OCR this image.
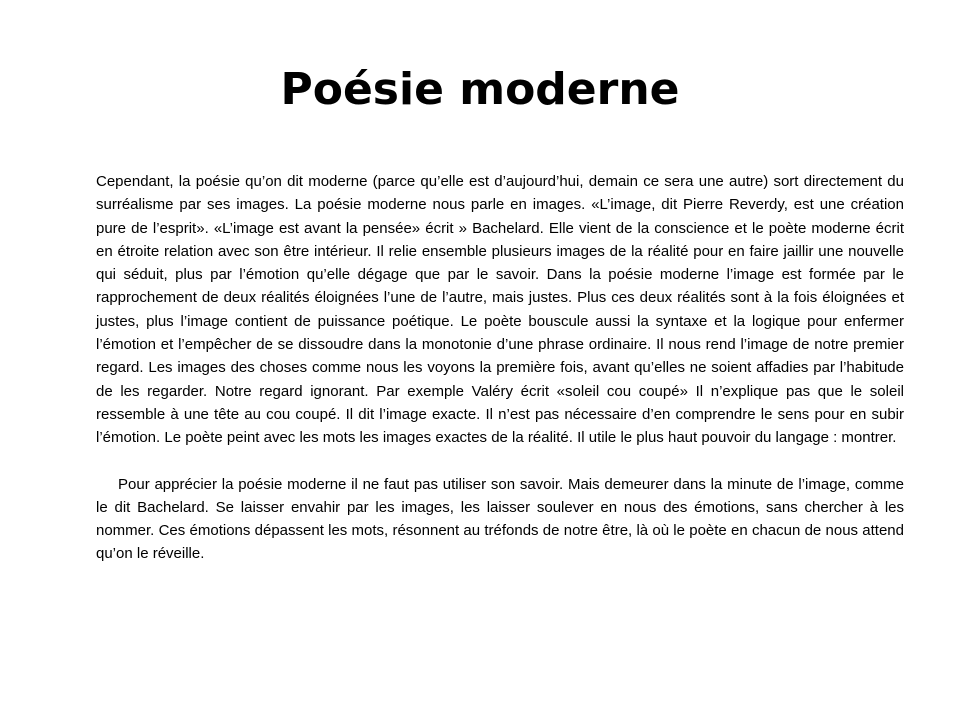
Poésie moderne

Cependant, la poésie qu’on dit moderne (parce qu’elle est d’aujourd’hui, demain ce sera une autre) sort directement du surréalisme par ses images. La poésie moderne nous parle en images. «L’image, dit Pierre Reverdy, est une création pure de l’esprit». «L’image est avant la pensée» écrit » Bachelard. Elle vient de la conscience et le poète moderne écrit en étroite relation avec son être intérieur. Il relie ensemble plusieurs images de la réalité pour en faire jaillir une nouvelle qui séduit, plus par l’émotion qu’elle dégage que par le savoir. Dans la poésie moderne l’image est formée par le rapprochement de deux réalités éloignées l’une de l’autre, mais justes. Plus ces deux réalités sont à la fois éloignées et justes, plus l’image contient de puissance poétique. Le poète bouscule aussi la syntaxe et la logique pour enfermer l’émotion et l’empêcher de se dissoudre dans la monotonie d’une phrase ordinaire. Il nous rend l’image de notre premier regard. Les images des choses comme nous les voyons la première fois, avant qu’elles ne soient affadies par l’habitude de les regarder. Notre regard ignorant. Par exemple Valéry écrit «soleil cou coupé» Il n’explique pas que le soleil ressemble à une tête au cou coupé. Il dit l’image exacte. Il n’est pas nécessaire d’en comprendre le sens pour en subir l’émotion. Le poète peint avec les mots les images exactes de la réalité. Il utile le plus haut pouvoir du langage : montrer.

Pour apprécier la poésie moderne il ne faut pas utiliser son savoir. Mais demeurer dans la minute de l’image, comme le dit Bachelard. Se laisser envahir par les images, les laisser soulever en nous des émotions, sans chercher à les nommer. Ces émotions dépassent les mots, résonnent au tréfonds de notre être, là où le poète en chacun de nous attend qu’on le réveille.
